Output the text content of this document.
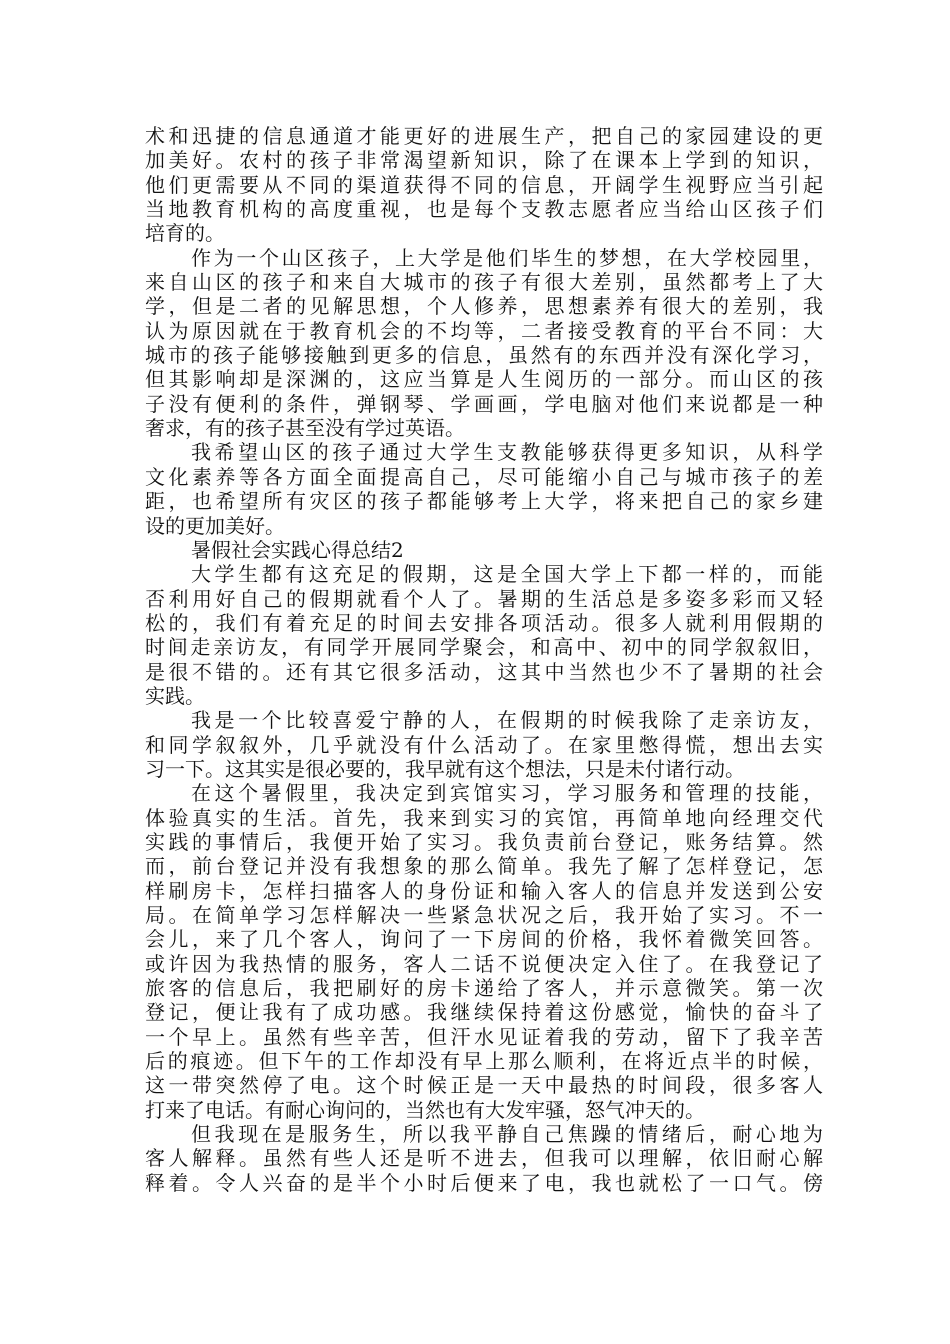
术和迅捷的信息通道才能更好的进展生产，把自己的家园建设的更
加美好。农村的孩子非常渴望新知识，除了在课本上学到的知识，
他们更需要从不同的渠道获得不同的信息，开阔学生视野应当引起
当地教育机构的高度重视，也是每个支教志愿者应当给山区孩子们
培育的。
作为一个山区孩子，上大学是他们毕生的梦想，在大学校园里，
来自山区的孩子和来自大城市的孩子有很大差别，虽然都考上了大
学，但是二者的见解思想，个人修养，思想素养有很大的差别，我
认为原因就在于教育机会的不均等，二者接受教育的平台不同：大
城市的孩子能够接触到更多的信息，虽然有的东西并没有深化学习，
但其影响却是深渊的，这应当算是人生阅历的一部分。而山区的孩
子没有便利的条件，弹钢琴、学画画，学电脑对他们来说都是一种
奢求，有的孩子甚至没有学过英语。
我希望山区的孩子通过大学生支教能够获得更多知识，从科学
文化素养等各方面全面提高自己，尽可能缩小自己与城市孩子的差
距，也希望所有灾区的孩子都能够考上大学，将来把自己的家乡建
设的更加美好。
暑假社会实践心得总结2
大学生都有这充足的假期，这是全国大学上下都一样的，而能
否利用好自己的假期就看个人了。暑期的生活总是多姿多彩而又轻
松的，我们有着充足的时间去安排各项活动。很多人就利用假期的
时间走亲访友，有同学开展同学聚会，和高中、初中的同学叙叙旧，
是很不错的。还有其它很多活动，这其中当然也少不了暑期的社会
实践。
我是一个比较喜爱宁静的人，在假期的时候我除了走亲访友，
和同学叙叙外，几乎就没有什么活动了。在家里憋得慌，想出去实
习一下。这其实是很必要的，我早就有这个想法，只是未付诸行动。
在这个暑假里，我决定到宾馆实习，学习服务和管理的技能，
体验真实的生活。首先，我来到实习的宾馆，再简单地向经理交代
实践的事情后，我便开始了实习。我负责前台登记，账务结算。然
而，前台登记并没有我想象的那么简单。我先了解了怎样登记，怎
样刷房卡，怎样扫描客人的身份证和输入客人的信息并发送到公安
局。在简单学习怎样解决一些紧急状况之后，我开始了实习。不一
会儿，来了几个客人，询问了一下房间的价格，我怀着微笑回答。
或许因为我热情的服务，客人二话不说便决定入住了。在我登记了
旅客的信息后，我把刷好的房卡递给了客人，并示意微笑。第一次
登记，便让我有了成功感。我继续保持着这份感觉，愉快的奋斗了
一个早上。虽然有些辛苦，但汗水见证着我的劳动，留下了我辛苦
后的痕迹。但下午的工作却没有早上那么顺利，在将近点半的时候，
这一带突然停了电。这个时候正是一天中最热的时间段，很多客人
打来了电话。有耐心询问的，当然也有大发牢骚，怒气冲天的。
但我现在是服务生，所以我平静自己焦躁的情绪后，耐心地为
客人解释。虽然有些人还是听不进去，但我可以理解，依旧耐心解
释着。令人兴奋的是半个小时后便来了电，我也就松了一口气。傍
